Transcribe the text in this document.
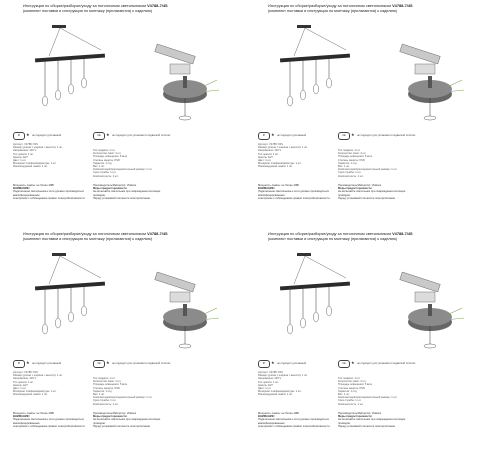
Инструкция по сборке/разборке/уходу за потолочным светильником V4788-7/4S
(комплект поставки и инструкция по монтажу (прилагаются) к изделию)
IP	★ не подходит для ванной	CE	★ не подходит для установки в подвесной потолок
Артикул: V4788-7/4S
Размер (длина × ширина × высота): 1 шт.
Напряжение: 220 V
Тип цоколя: 1 шт.
Цоколь: E27
Цвет: 1 шт.
Материал плафона/арматуры: 1 шт.
Рекомендуемая лампа: 1 шт.
Тип подвеса: 1 шт.
Количество ламп: 4 шт.
Площадь освещения: 5 кв.м
Степень защиты: IP20
Гарантия: 1 год
Вес: 1 шт.
Комплектация/присоединительный размер: 1 шт.
Срок службы: 1 шт.
Комплектность: 1 шт.
Мощность лампы: не более 40Вт
ВНИМАНИЕ!
Подключение светильника к сети должно производиться квалифицированным
электриком с соблюдением правил электробезопасности.
Производитель/Импортёр: Vitaluce
Меры предосторожности
Не включайте светильник при повреждении изоляции проводов.
Перед установкой отключите электропитание.
Инструкция по сборке/разборке/уходу за потолочным светильником V4788-7/4S
(комплект поставки и инструкция по монтажу (прилагаются) к изделию)
IP	★ не подходит для ванной	CE	★ не подходит для установки в подвесной потолок
Артикул: V4788-7/4S
Размер (длина × ширина × высота): 1 шт.
Напряжение: 220 V
Тип цоколя: 1 шт.
Цоколь: E27
Цвет: 1 шт.
Материал плафона/арматуры: 1 шт.
Рекомендуемая лампа: 1 шт.
Тип подвеса: 1 шт.
Количество ламп: 4 шт.
Площадь освещения: 5 кв.м
Степень защиты: IP20
Гарантия: 1 год
Вес: 1 шт.
Комплектация/присоединительный размер: 1 шт.
Срок службы: 1 шт.
Комплектность: 1 шт.
Мощность лампы: не более 40Вт
ВНИМАНИЕ!
Подключение светильника к сети должно производиться квалифицированным
электриком с соблюдением правил электробезопасности.
Производитель/Импортёр: Vitaluce
Меры предосторожности
Не включайте светильник при повреждении изоляции проводов.
Перед установкой отключите электропитание.
Инструкция по сборке/разборке/уходу за потолочным светильником V4788-7/4S
(комплект поставки и инструкция по монтажу (прилагаются) к изделию)
IP	★ не подходит для ванной	CE	★ не подходит для установки в подвесной потолок
Артикул: V4788-7/4S
Размер (длина × ширина × высота): 1 шт.
Напряжение: 220 V
Тип цоколя: 1 шт.
Цоколь: E27
Цвет: 1 шт.
Материал плафона/арматуры: 1 шт.
Рекомендуемая лампа: 1 шт.
Тип подвеса: 1 шт.
Количество ламп: 4 шт.
Площадь освещения: 5 кв.м
Степень защиты: IP20
Гарантия: 1 год
Вес: 1 шт.
Комплектация/присоединительный размер: 1 шт.
Срок службы: 1 шт.
Комплектность: 1 шт.
Мощность лампы: не более 40Вт
ВНИМАНИЕ!
Подключение светильника к сети должно производиться квалифицированным
электриком с соблюдением правил электробезопасности.
Производитель/Импортёр: Vitaluce
Меры предосторожности
Не включайте светильник при повреждении изоляции проводов.
Перед установкой отключите электропитание.
Инструкция по сборке/разборке/уходу за потолочным светильником V4788-7/4S
(комплект поставки и инструкция по монтажу (прилагаются) к изделию)
IP	★ не подходит для ванной	CE	★ не подходит для установки в подвесной потолок
Артикул: V4788-7/4S
Размер (длина × ширина × высота): 1 шт.
Напряжение: 220 V
Тип цоколя: 1 шт.
Цоколь: E27
Цвет: 1 шт.
Материал плафона/арматуры: 1 шт.
Рекомендуемая лампа: 1 шт.
Тип подвеса: 1 шт.
Количество ламп: 4 шт.
Площадь освещения: 5 кв.м
Степень защиты: IP20
Гарантия: 1 год
Вес: 1 шт.
Комплектация/присоединительный размер: 1 шт.
Срок службы: 1 шт.
Комплектность: 1 шт.
Мощность лампы: не более 40Вт
ВНИМАНИЕ!
Подключение светильника к сети должно производиться квалифицированным
электриком с соблюдением правил электробезопасности.
Производитель/Импортёр: Vitaluce
Меры предосторожности
Не включайте светильник при повреждении изоляции проводов.
Перед установкой отключите электропитание.
